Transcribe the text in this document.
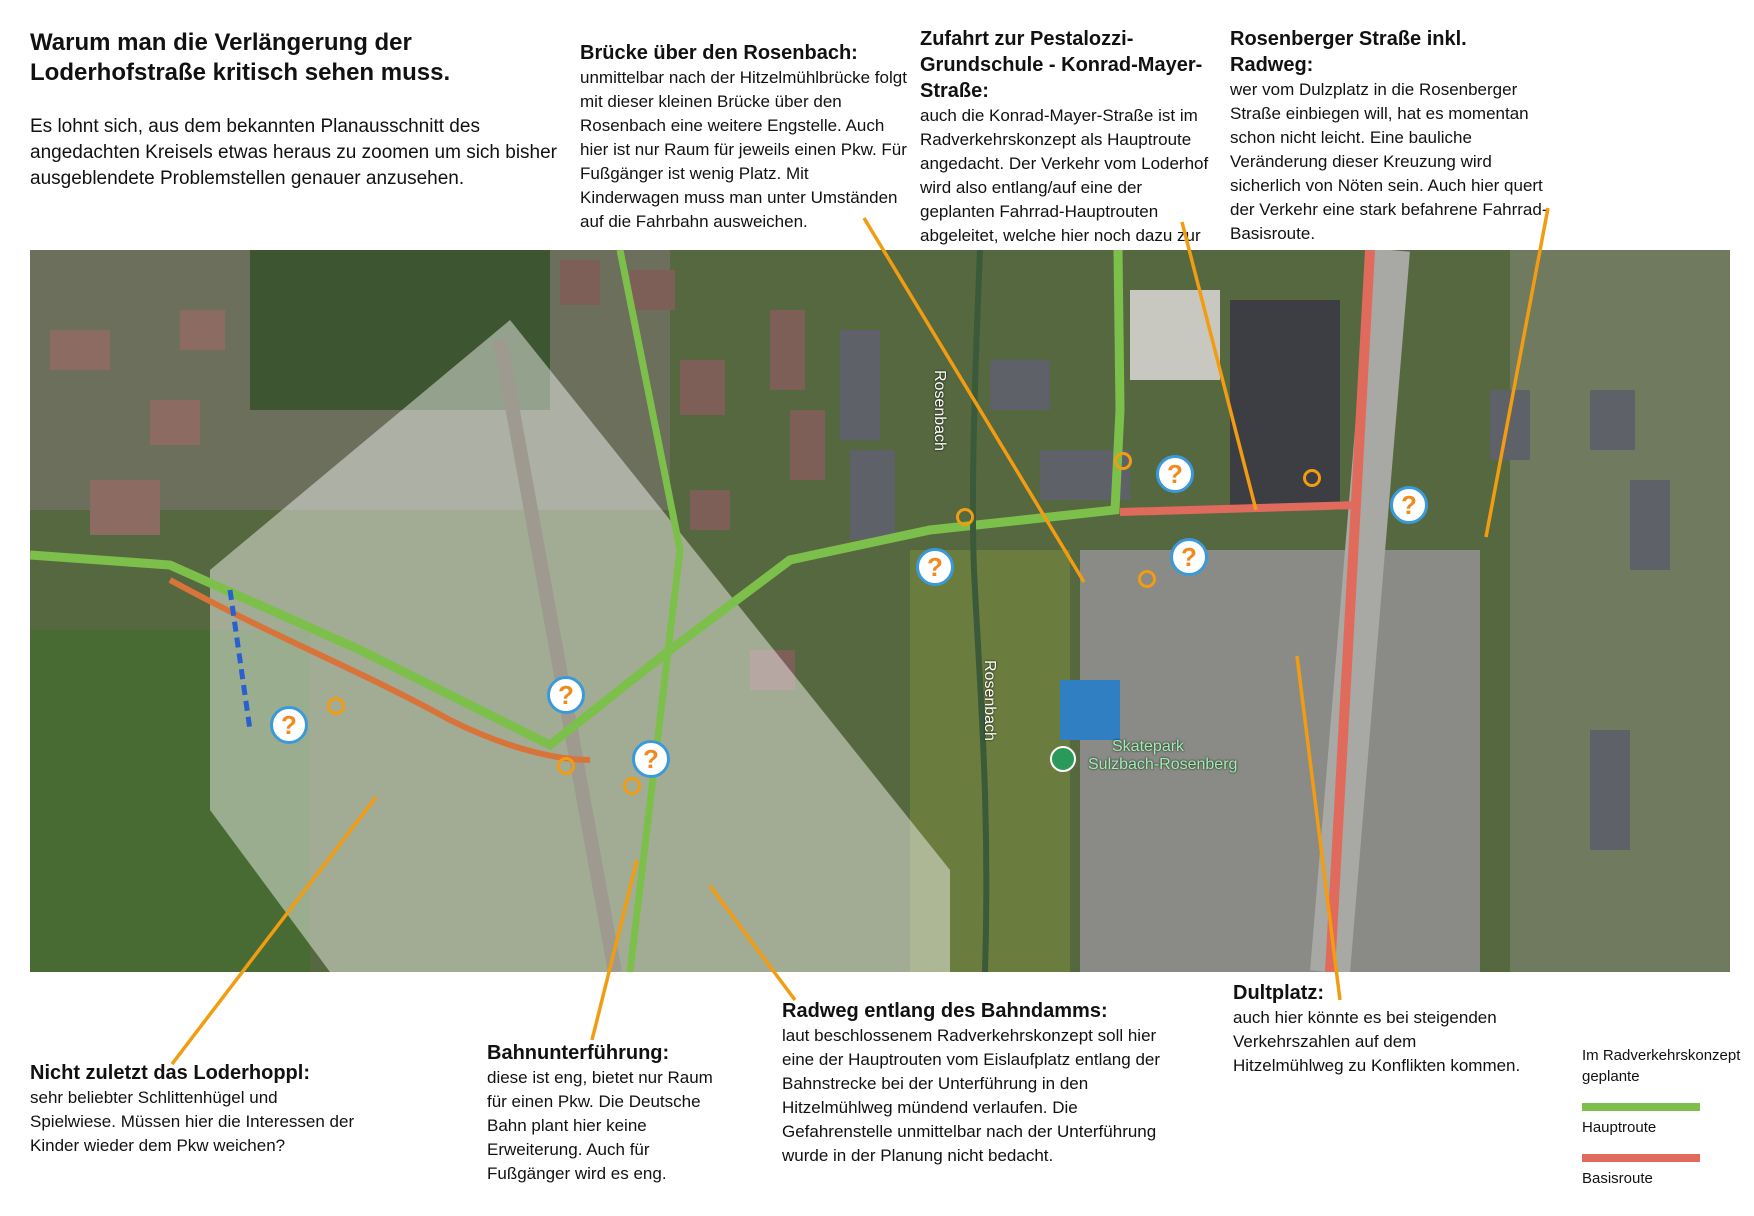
Warum man die Verlängerung der Loderhofstraße kritisch sehen muss.

Es lohnt sich, aus dem bekannten Planausschnitt des angedachten Kreisels etwas heraus zu zoomen um sich bisher ausgeblendete Problemstellen genauer anzusehen.

Brücke über den Rosenbach:

unmittelbar nach der Hitzelmühlbrücke folgt mit dieser kleinen Brücke über den Rosenbach eine weitere Engstelle. Auch hier ist nur Raum für jeweils einen Pkw. Für Fußgänger ist wenig Platz. Mit Kinderwagen muss man unter Umständen auf die Fahrbahn ausweichen.

Zufahrt zur Pestalozzi-Grundschule - Konrad-Mayer-Straße:

auch die Konrad-Mayer-Straße ist im Radverkehrskonzept als Hauptroute angedacht. Der Verkehr vom Loderhof wird also entlang/auf eine der geplanten Fahrrad-Hauptrouten abgeleitet, welche hier noch dazu zur

Rosenberger Straße inkl. Radweg:

wer vom Dulzplatz in die Rosenberger Straße einbiegen will, hat es momentan schon nicht leicht. Eine bauliche Veränderung dieser Kreuzung wird sicherlich von Nöten sein. Auch hier quert der Verkehr eine stark befahrene Fahrrad-Basisroute.

Rosenbach
Rosenbach
Skatepark
Sulzbach-Rosenberg
?
?
?
?
?
?
?
Nicht zuletzt das Loderhoppl:

sehr beliebter Schlittenhügel und Spielwiese. Müssen hier die Interessen der Kinder wieder dem Pkw weichen?

Bahnunterführung:

diese ist eng, bietet nur Raum für einen Pkw. Die Deutsche Bahn plant hier keine Erweiterung. Auch für Fußgänger wird es eng.

Radweg entlang des Bahndamms:

laut beschlossenem Radverkehrskonzept soll hier eine der Hauptrouten vom Eislaufplatz entlang der Bahnstrecke bei der Unterführung in den Hitzelmühlweg mündend verlaufen. Die Gefahrenstelle unmittelbar nach der Unterführung wurde in der Planung nicht bedacht.

Dultplatz:

auch hier könnte es bei steigenden Verkehrszahlen auf dem Hitzelmühlweg zu Konflikten kommen.

Im Radverkehrskonzept geplante
Hauptroute
Basisroute
